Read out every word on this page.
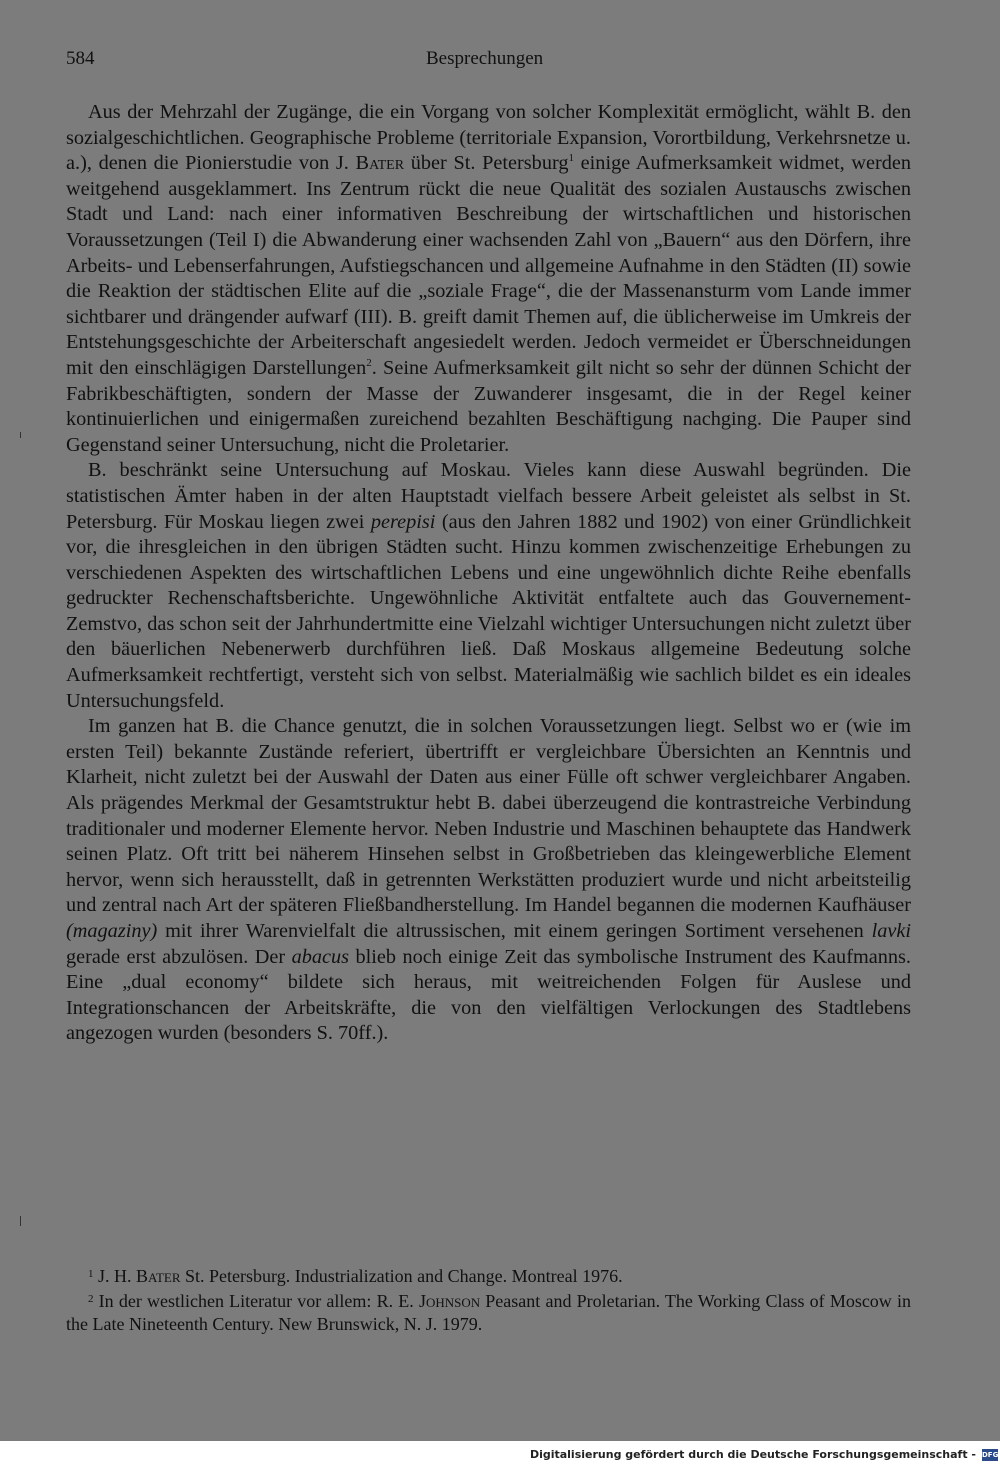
584	Besprechungen

Aus der Mehrzahl der Zugänge, die ein Vorgang von solcher Komplexität ermöglicht, wählt B. den sozialgeschichtlichen. Geographische Probleme (territoriale Expansion, Vorortbildung, Verkehrsnetze u. a.), denen die Pionierstudie von J. Bater über St. Petersburg$^1$ einige Aufmerksamkeit widmet, werden weitgehend ausgeklammert. Ins Zentrum rückt die neue Qualität des sozialen Austauschs zwischen Stadt und Land: nach einer informativen Beschreibung der wirtschaftlichen und historischen Voraussetzungen (Teil I) die Abwanderung einer wachsenden Zahl von „Bauern“ aus den Dörfern, ihre Arbeits- und Lebenserfahrungen, Aufstiegschancen und allgemeine Aufnahme in den Städten (II) sowie die Reaktion der städtischen Elite auf die „soziale Frage“, die der Massenansturm vom Lande immer sichtbarer und drängender aufwarf (III). B. greift damit Themen auf, die üblicherweise im Umkreis der Entstehungsgeschichte der Arbeiterschaft angesiedelt werden. Jedoch vermeidet er Überschneidungen mit den einschlägigen Darstellungen$^2$. Seine Aufmerksamkeit gilt nicht so sehr der dünnen Schicht der Fabrikbeschäftigten, sondern der Masse der Zuwanderer insgesamt, die in der Regel keiner kontinuierlichen und einigermaßen zureichend bezahlten Beschäftigung nachging. Die Pauper sind Gegenstand seiner Untersuchung, nicht die Proletarier.

B. beschränkt seine Untersuchung auf Moskau. Vieles kann diese Auswahl begründen. Die statistischen Ämter haben in der alten Hauptstadt vielfach bessere Arbeit geleistet als selbst in St. Petersburg. Für Moskau liegen zwei perepisi (aus den Jahren 1882 und 1902) von einer Gründlichkeit vor, die ihresgleichen in den übrigen Städten sucht. Hinzu kommen zwischenzeitige Erhebungen zu verschiedenen Aspekten des wirtschaftlichen Lebens und eine ungewöhnlich dichte Reihe ebenfalls gedruckter Rechenschaftsberichte. Ungewöhnliche Aktivität entfaltete auch das Gouvernement-Zemstvo, das schon seit der Jahrhundertmitte eine Vielzahl wichtiger Untersuchungen nicht zuletzt über den bäuerlichen Nebenerwerb durchführen ließ. Daß Moskaus allgemeine Bedeutung solche Aufmerksamkeit rechtfertigt, versteht sich von selbst. Materialmäßig wie sachlich bildet es ein ideales Untersuchungsfeld.

Im ganzen hat B. die Chance genutzt, die in solchen Voraussetzungen liegt. Selbst wo er (wie im ersten Teil) bekannte Zustände referiert, übertrifft er vergleichbare Übersichten an Kenntnis und Klarheit, nicht zuletzt bei der Auswahl der Daten aus einer Fülle oft schwer vergleichbarer Angaben. Als prägendes Merkmal der Gesamtstruktur hebt B. dabei überzeugend die kontrastreiche Verbindung traditionaler und moderner Elemente hervor. Neben Industrie und Maschinen behauptete das Handwerk seinen Platz. Oft tritt bei näherem Hinsehen selbst in Großbetrieben das kleingewerbliche Element hervor, wenn sich herausstellt, daß in getrennten Werkstätten produziert wurde und nicht arbeitsteilig und zentral nach Art der späteren Fließbandherstellung. Im Handel begannen die modernen Kaufhäuser (magaziny) mit ihrer Warenvielfalt die altrussischen, mit einem geringen Sortiment versehenen lavki gerade erst abzulösen. Der abacus blieb noch einige Zeit das symbolische Instrument des Kaufmanns. Eine „dual economy“ bildete sich heraus, mit weitreichenden Folgen für Auslese und Integrationschancen der Arbeitskräfte, die von den vielfältigen Verlockungen des Stadtlebens angezogen wurden (besonders S. 70ff.).

$^1$ J. H. Bater St. Petersburg. Industrialization and Change. Montreal 1976.

$^2$ In der westlichen Literatur vor allem: R. E. Johnson Peasant and Proletarian. The Working Class of Moscow in the Late Nineteenth Century. New Brunswick, N. J. 1979.

Digitalisierung gefördert durch die Deutsche Forschungsgemeinschaft - DFG
